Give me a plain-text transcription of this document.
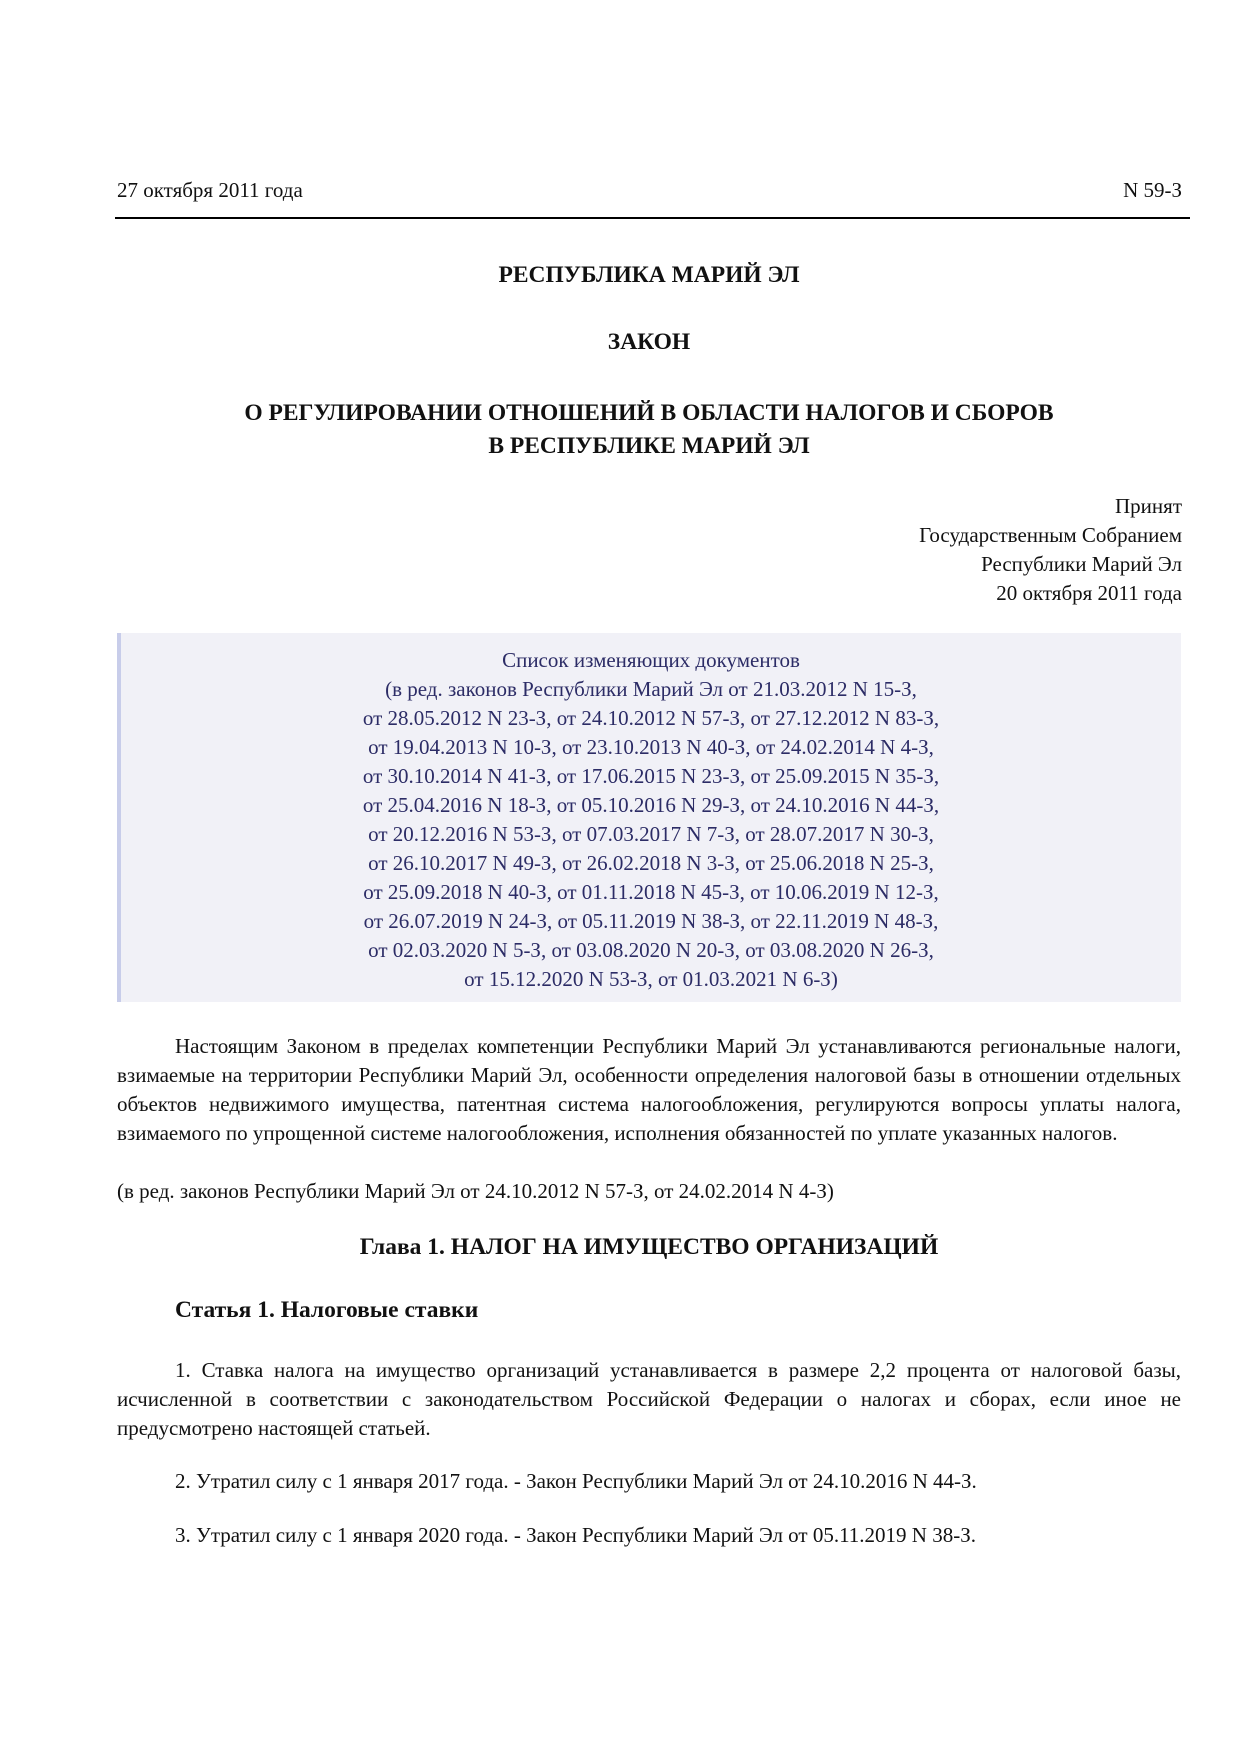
27 октября 2011 года	N 59-З
РЕСПУБЛИКА МАРИЙ ЭЛ
ЗАКОН
О РЕГУЛИРОВАНИИ ОТНОШЕНИЙ В ОБЛАСТИ НАЛОГОВ И СБОРОВ
В РЕСПУБЛИКЕ МАРИЙ ЭЛ
Принят
Государственным Собранием
Республики Марий Эл
20 октября 2011 года
Список изменяющих документов
(в ред. законов Республики Марий Эл от 21.03.2012 N 15-З,
от 28.05.2012 N 23-З, от 24.10.2012 N 57-З, от 27.12.2012 N 83-З,
от 19.04.2013 N 10-З, от 23.10.2013 N 40-З, от 24.02.2014 N 4-З,
от 30.10.2014 N 41-З, от 17.06.2015 N 23-З, от 25.09.2015 N 35-З,
от 25.04.2016 N 18-З, от 05.10.2016 N 29-З, от 24.10.2016 N 44-З,
от 20.12.2016 N 53-З, от 07.03.2017 N 7-З, от 28.07.2017 N 30-З,
от 26.10.2017 N 49-З, от 26.02.2018 N 3-З, от 25.06.2018 N 25-З,
от 25.09.2018 N 40-З, от 01.11.2018 N 45-З, от 10.06.2019 N 12-З,
от 26.07.2019 N 24-З, от 05.11.2019 N 38-З, от 22.11.2019 N 48-З,
от 02.03.2020 N 5-З, от 03.08.2020 N 20-З, от 03.08.2020 N 26-З,
от 15.12.2020 N 53-З, от 01.03.2021 N 6-З)
Настоящим Законом в пределах компетенции Республики Марий Эл устанавливаются региональные налоги, взимаемые на территории Республики Марий Эл, особенности определения налоговой базы в отношении отдельных объектов недвижимого имущества, патентная система налогообложения, регулируются вопросы уплаты налога, взимаемого по упрощенной системе налогообложения, исполнения обязанностей по уплате указанных налогов.
(в ред. законов Республики Марий Эл от 24.10.2012 N 57-З, от 24.02.2014 N 4-З)
Глава 1. НАЛОГ НА ИМУЩЕСТВО ОРГАНИЗАЦИЙ
Статья 1. Налоговые ставки
1. Ставка налога на имущество организаций устанавливается в размере 2,2 процента от налоговой базы, исчисленной в соответствии с законодательством Российской Федерации о налогах и сборах, если иное не предусмотрено настоящей статьей.
2. Утратил силу с 1 января 2017 года. - Закон Республики Марий Эл от 24.10.2016 N 44-З.
3. Утратил силу с 1 января 2020 года. - Закон Республики Марий Эл от 05.11.2019 N 38-З.
